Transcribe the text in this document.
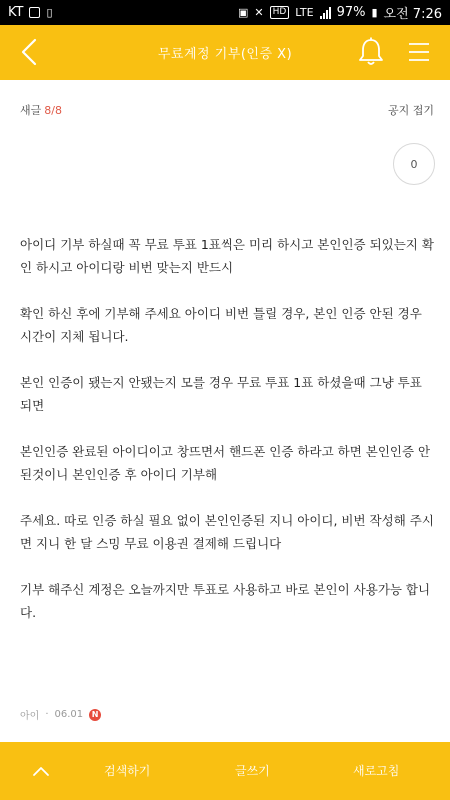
KT ▯	▣ ✕	HD LTE 97% ▮ 오전 7:26
무료계정 기부(인증 X)
새글 8/8	공지 접기
0

아이디 기부 하실때 꼭 무료 투표 1표씩은 미리 하시고 본인인증 되있는지 확인 하시고 아이디랑 비번 맞는지 반드시

확인 하신 후에 기부해 주세요 아이디 비번 틀릴 경우, 본인 인증 안된 경우 시간이 지체 됩니다.

본인 인증이 됐는지 안됐는지 모를 경우 무료 투표 1표 하셨을때 그냥 투표 되면

본인인증 완료된 아이디이고 창뜨면서 핸드폰 인증 하라고 하면 본인인증 안된것이니 본인인증 후 아이디 기부해

주세요. 따로 인증 하실 필요 없이 본인인증된 지니 아이디, 비번 작성해 주시면 지니 한 달 스밍 무료 이용권 결제해 드립니다

기부 해주신 계정은 오늘까지만 투표로 사용하고 바로 본인이 사용가능 합니다.

아이 · 06.01	N
검색하기	글쓰기	새로고침
